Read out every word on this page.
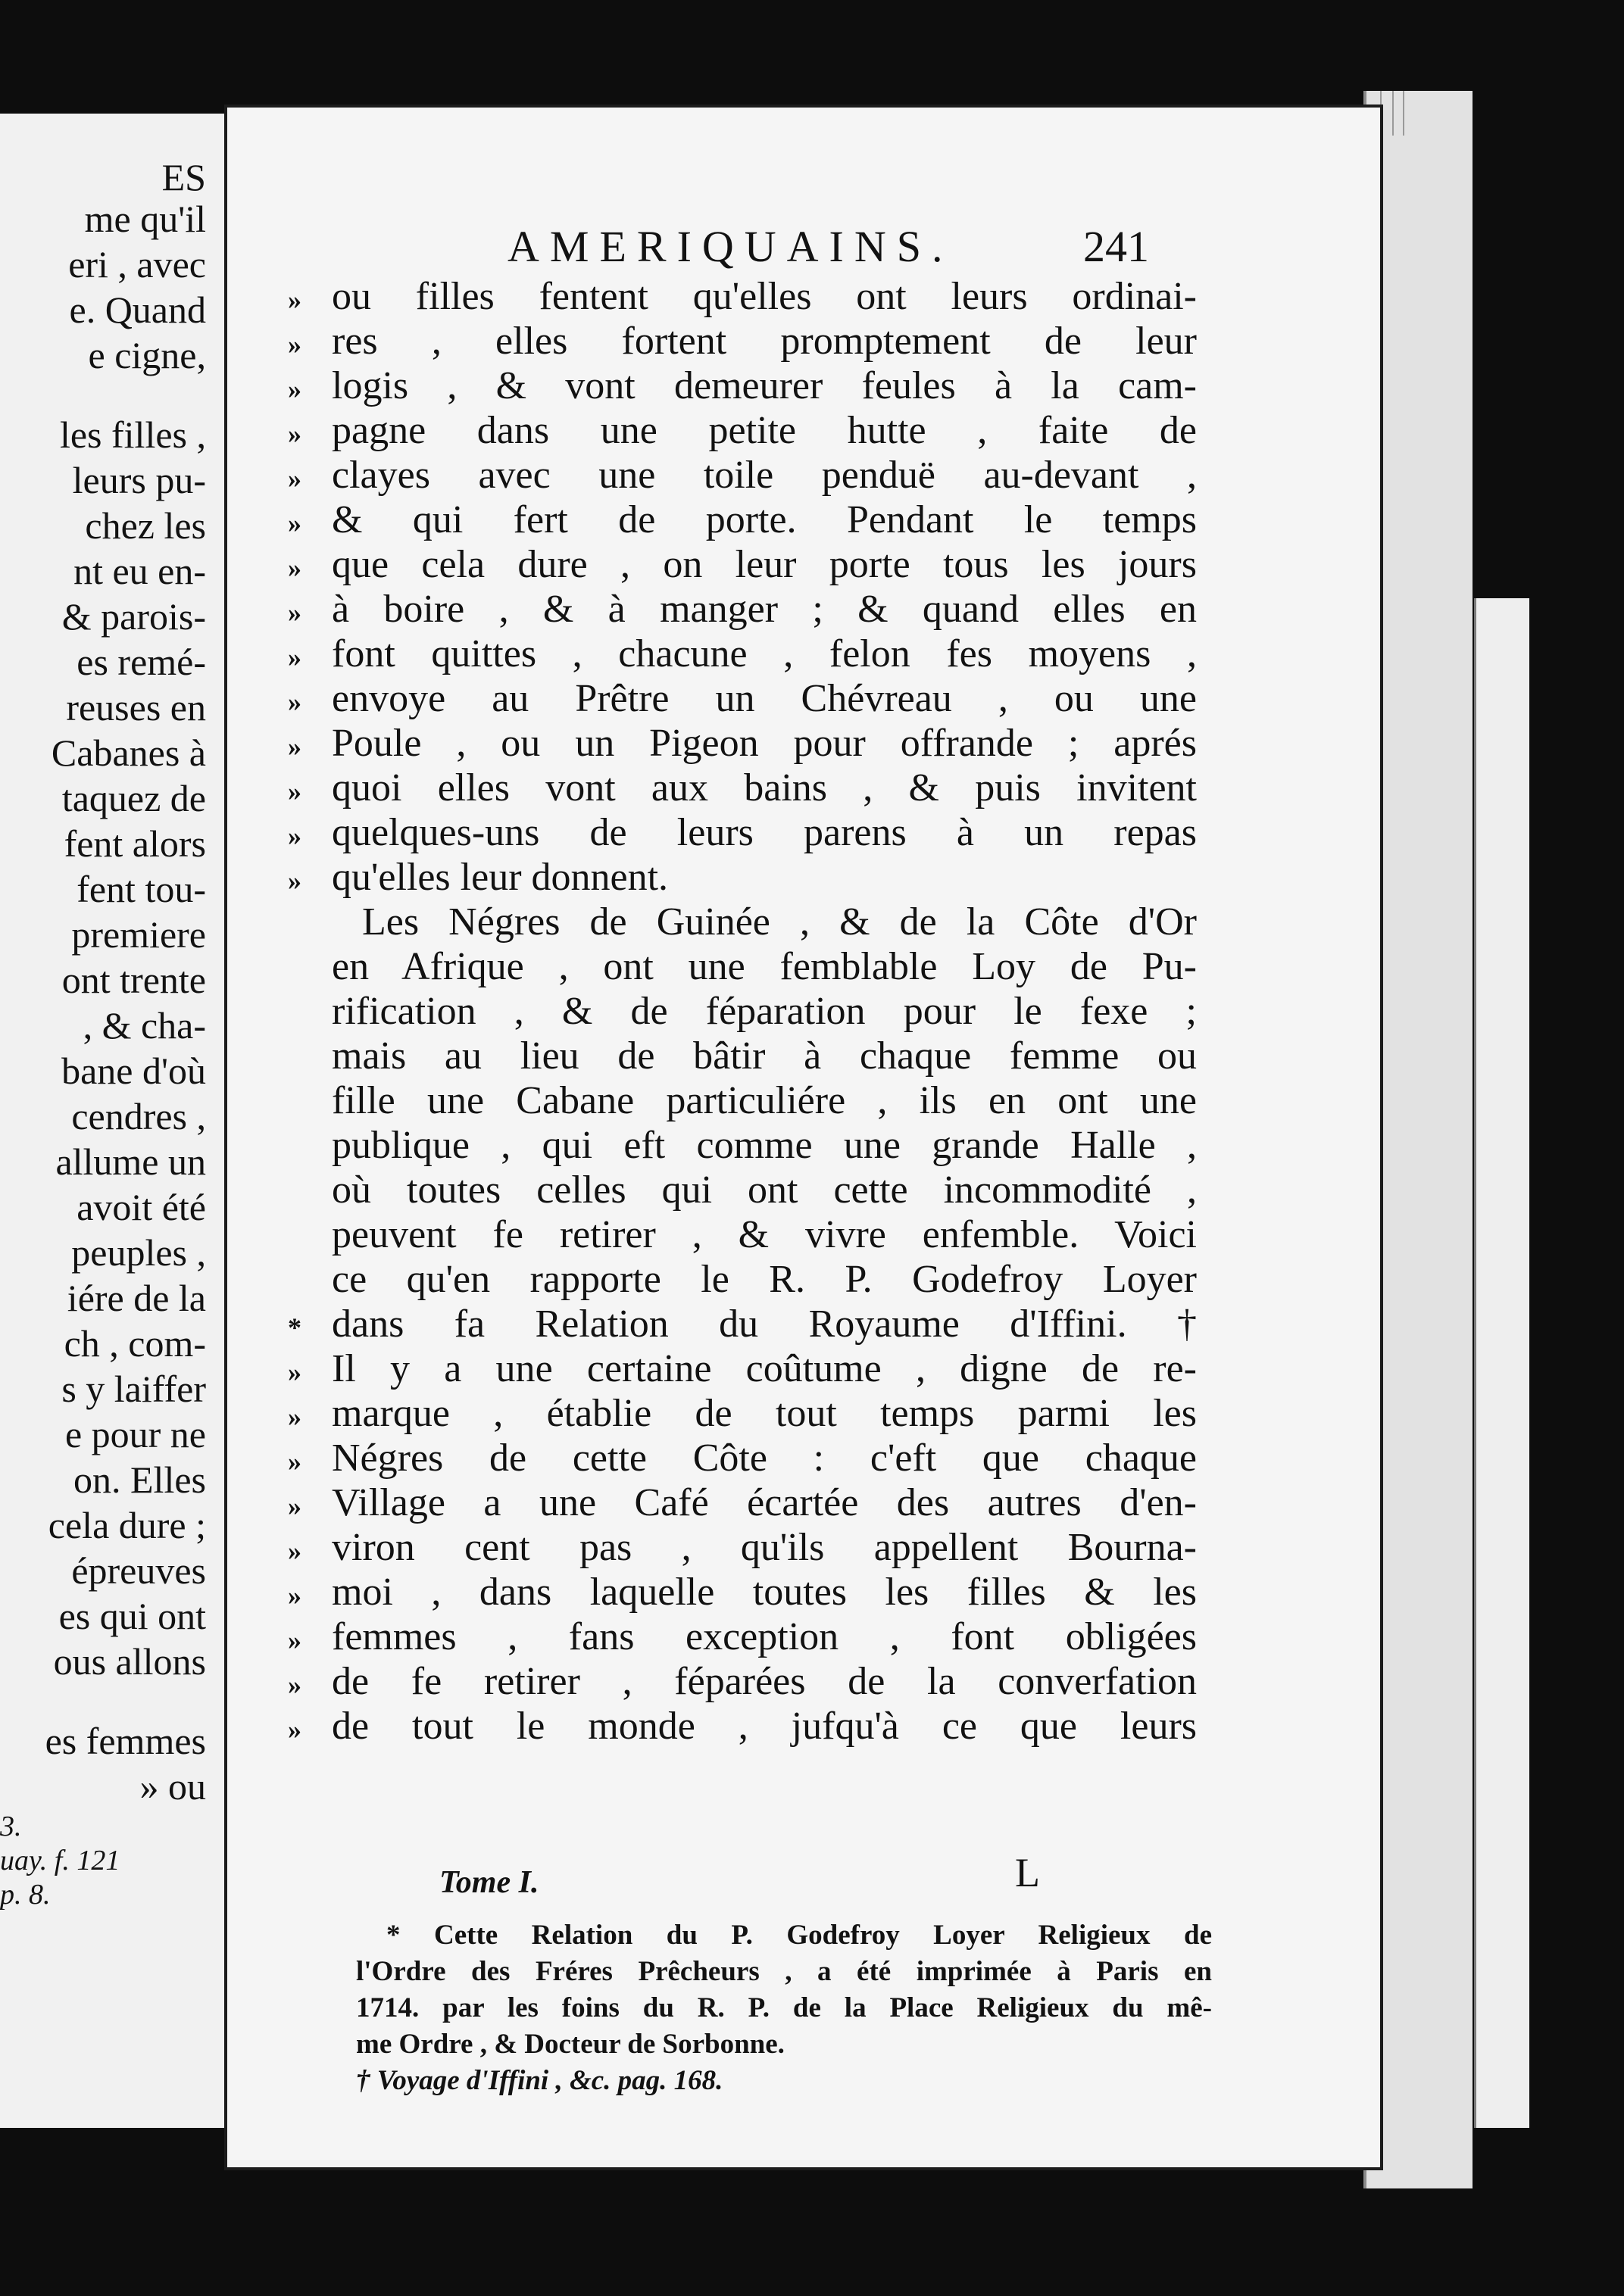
ES
me qu'il
eri , avec
e. Quand
e cigne,
les filles ,
leurs pu-
chez les
nt eu en-
& parois-
es remé-
reuses en
Cabanes à
taquez de
fent alors
fent tou-
premiere
ont trente
, & cha-
bane d'où
cendres ,
allume un
avoit été
peuples ,
iére de la
ch , com-
s y laiffer
e pour ne
on. Elles
cela dure ;
épreuves
es qui ont
ous allons
es femmes
» ou
3.
uay. f. 121
p. 8.
AMERIQUAINS.	241
» ou filles fentent qu'elles ont leurs ordinai-
» res , elles fortent promptement de leur
» logis , & vont demeurer feules à la cam-
» pagne dans une petite hutte , faite de
» clayes avec une toile penduë au-devant ,
» & qui fert de porte. Pendant le temps
» que cela dure , on leur porte tous les jours
» à boire , & à manger ; & quand elles en
» font quittes , chacune , felon fes moyens ,
» envoye au Prêtre un Chévreau , ou une
» Poule , ou un Pigeon pour offrande ; aprés
» quoi elles vont aux bains , & puis invitent
» quelques-uns de leurs parens à un repas
» qu'elles leur donnent.
Les Négres de Guinée , & de la Côte d'Or
en Afrique , ont une femblable Loy de Pu-
rification , & de féparation pour le fexe ;
mais au lieu de bâtir à chaque femme ou
fille une Cabane particuliére , ils en ont une
publique , qui eft comme une grande Halle ,
où toutes celles qui ont cette incommodité ,
peuvent fe retirer , & vivre enfemble. Voici
ce qu'en rapporte le R. P. Godefroy Loyer
* dans fa Relation du Royaume d'Iffini. †
» Il y a une certaine coûtume , digne de re-
» marque , établie de tout temps parmi les
» Négres de cette Côte : c'eft que chaque
» Village a une Café écartée des autres d'en-
» viron cent pas , qu'ils appellent Bourna-
» moi , dans laquelle toutes les filles & les
» femmes , fans exception , font obligées
» de fe retirer , féparées de la converfation
» de tout le monde , jufqu'à ce que leurs
Tome I.	L
* Cette Relation du P. Godefroy Loyer Religieux de
l'Ordre des Fréres Prêcheurs , a été imprimée à Paris en
1714. par les foins du R. P. de la Place Religieux du mê-
me Ordre , & Docteur de Sorbonne.
† Voyage d'Iffini , &c. pag. 168.
